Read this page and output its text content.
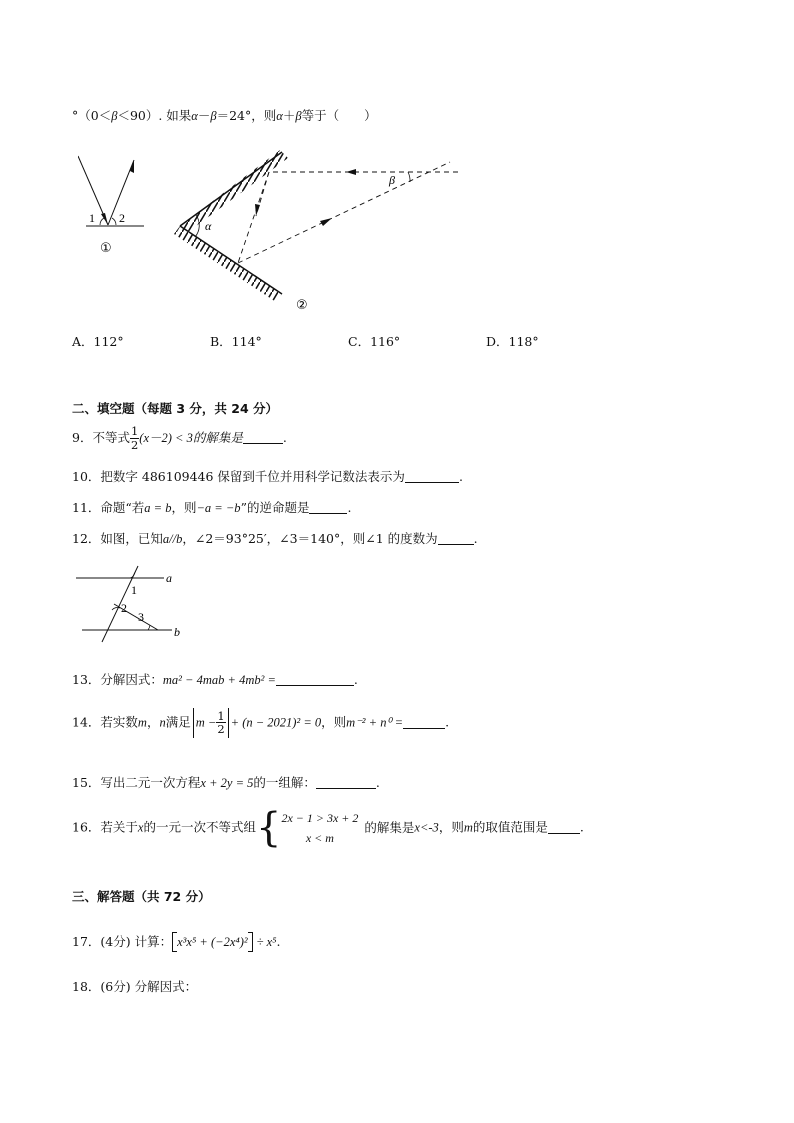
°（0＜β＜90）. 如果α－β＝24°，则α＋β等于（　　）
1 2
①
α
β
②
A．112°	B．114°	C．116°	D．118°
二、填空题（每题 3 分，共 24 分）
9．不等式 $\frac{1}{2} (x-2) < 3$的解集是	.
10．把数字 486109446 保留到千位并用科学记数法表示为	.
11．命题“若a = b，则−a = −b”的逆命题是	.
12．如图，已知a//b，∠2＝93°25′，∠3＝140°，则∠1 的度数为	.
a
b
1
2
3
13．分解因式：ma² − 4mab + 4mb² =	.
14．若实数m，n满足 $m - \frac{1}{2} + (n - 2021)^2 = 0$，则m⁻² + n⁰ =	.
15．写出二元一次方程x + 2y = 5的一组解：	.
16．若关于x的一元一次不等式组{ 2x − 1 > 3x + 2
x < m
的解集是x<-3，则m的取值范围是	.
三、解答题（共 72 分）
17．(4分) 计算： x³x⁵ + (−2x⁴)² ÷ x⁵.
18．(6分) 分解因式：
